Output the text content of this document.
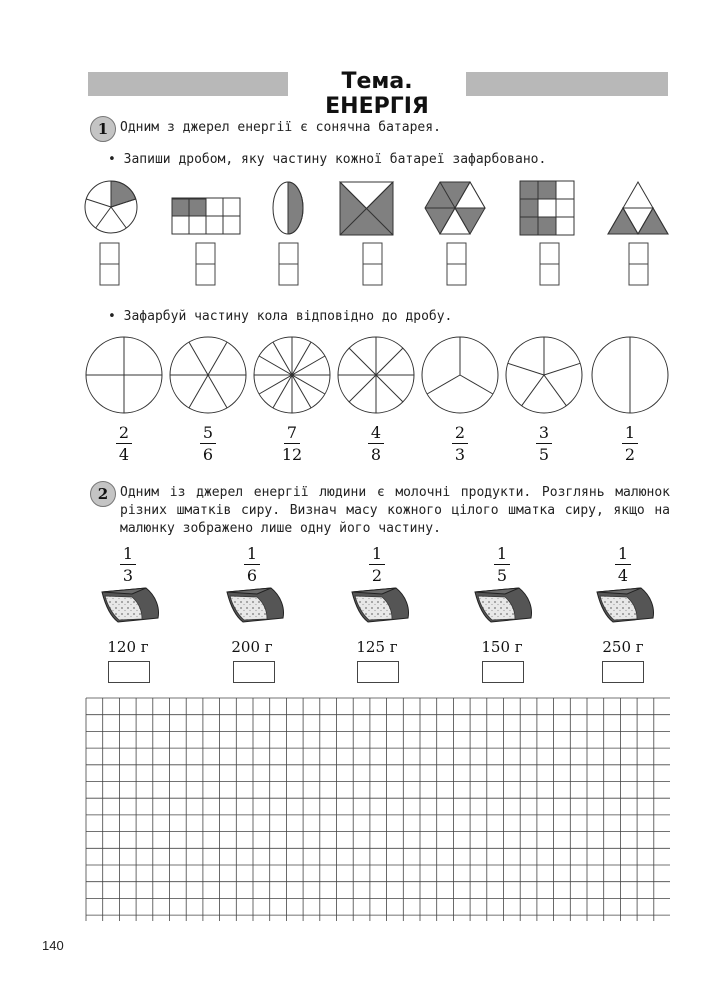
Тема. ЕНЕРГІЯ
1 Одним з джерел енергії є сонячна батарея.
• Запиши дробом, яку частину кожної батареї зафарбовано.
• Зафарбуй частину кола відповідно до дробу.
2
4
5
6
7
12
4
8
2
3
3
5
1
2
2 Одним із джерел енергії людини є молочні продукти. Розглянь малюнок різних шматків сиру. Визнач масу кожного цілого шматка сиру, якщо на малюнку зображено лише одну його частину.
1
3
1
6
1
2
1
5
1
4
120 г	200 г	125 г	150 г	250 г
140
